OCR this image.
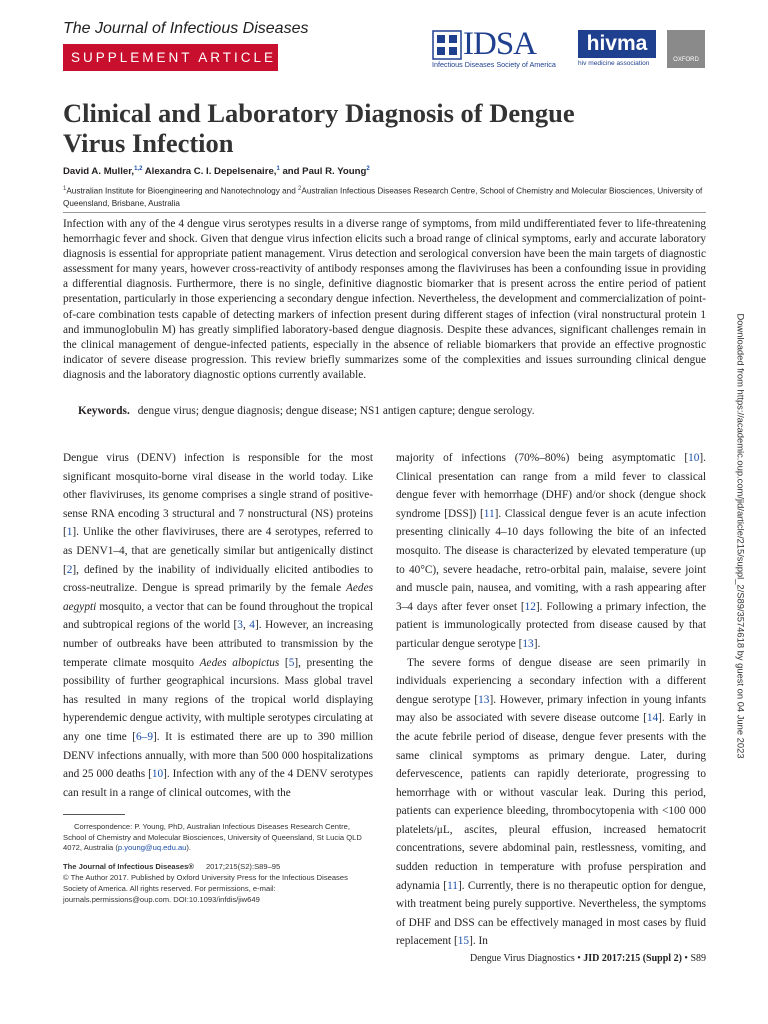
The Journal of Infectious Diseases
SUPPLEMENT ARTICLE	IDSA
Infectious Diseases Society of America
hivma
hiv medicine association	OXFORD
Clinical and Laboratory Diagnosis of Dengue Virus Infection
David A. Muller,$^{1,2}$ Alexandra C. I. Depelsenaire,$^1$ and Paul R. Young$^2$
$^1$Australian Institute for Bioengineering and Nanotechnology and $^2$Australian Infectious Diseases Research Centre, School of Chemistry and Molecular Biosciences, University of Queensland, Brisbane, Australia

Infection with any of the 4 dengue virus serotypes results in a diverse range of symptoms, from mild undifferentiated fever to life-threatening hemorrhagic fever and shock. Given that dengue virus infection elicits such a broad range of clinical symptoms, early and accurate laboratory diagnosis is essential for appropriate patient management. Virus detection and serological conversion have been the main targets of diagnostic assessment for many years, however cross-reactivity of antibody responses among the flaviviruses has been a confounding issue in providing a differential diagnosis. Furthermore, there is no single, definitive diagnostic biomarker that is present across the entire period of patient presentation, particularly in those experiencing a secondary dengue infection. Nevertheless, the development and commercialization of point-of-care combination tests capable of detecting markers of infection present during different stages of infection (viral nonstructural protein 1 and immunoglobulin M) has greatly simplified laboratory-based dengue diagnosis. Despite these advances, significant challenges remain in the clinical management of dengue-infected patients, especially in the absence of reliable biomarkers that provide an effective prognostic indicator of severe disease progression. This review briefly summarizes some of the complexities and issues surrounding clinical dengue diagnosis and the laboratory diagnostic options currently available.

Keywords. dengue virus; dengue diagnosis; dengue disease; NS1 antigen capture; dengue serology.

Dengue virus (DENV) infection is responsible for the most significant mosquito-borne viral disease in the world today. Like other flaviviruses, its genome comprises a single strand of positive-sense RNA encoding 3 structural and 7 nonstructural (NS) proteins [1]. Unlike the other flaviviruses, there are 4 serotypes, referred to as DENV1–4, that are genetically similar but antigenically distinct [2], defined by the inability of individually elicited antibodies to cross-neutralize. Dengue is spread primarily by the female Aedes aegypti mosquito, a vector that can be found throughout the tropical and subtropical regions of the world [3, 4]. However, an increasing number of outbreaks have been attributed to transmission by the temperate climate mosquito Aedes albopictus [5], presenting the possibility of further geographical incursions. Mass global travel has resulted in many regions of the tropical world displaying hyperendemic dengue activity, with multiple serotypes circulating at any one time [6–9]. It is estimated there are up to 390 million DENV infections annually, with more than 500 000 hospitalizations and 25 000 deaths [10]. Infection with any of the 4 DENV serotypes can result in a range of clinical outcomes, with the

majority of infections (70%–80%) being asymptomatic [10]. Clinical presentation can range from a mild fever to classical dengue fever with hemorrhage (DHF) and/or shock (dengue shock syndrome [DSS]) [11]. Classical dengue fever is an acute infection presenting clinically 4–10 days following the bite of an infected mosquito. The disease is characterized by elevated temperature (up to 40°C), severe headache, retro-orbital pain, malaise, severe joint and muscle pain, nausea, and vomiting, with a rash appearing after 3–4 days after fever onset [12]. Following a primary infection, the patient is immunologically protected from disease caused by that particular dengue serotype [13].

The severe forms of dengue disease are seen primarily in individuals experiencing a secondary infection with a different dengue serotype [13]. However, primary infection in young infants may also be associated with severe disease outcome [14]. Early in the acute febrile period of disease, dengue fever presents with the same clinical symptoms as primary dengue. Later, during defervescence, patients can rapidly deteriorate, progressing to hemorrhage with or without vascular leak. During this period, patients can experience bleeding, thrombocytopenia with <100 000 platelets/μL, ascites, pleural effusion, increased hematocrit concentrations, severe abdominal pain, restlessness, vomiting, and sudden reduction in temperature with profuse perspiration and adynamia [11]. Currently, there is no therapeutic option for dengue, with treatment being purely supportive. Nevertheless, the symptoms of DHF and DSS can be effectively managed in most cases by fluid replacement [15]. In

Correspondence: P. Young, PhD, Australian Infectious Diseases Research Centre, School of Chemistry and Molecular Biosciences, University of Queensland, St Lucia QLD 4072, Australia (p.young@uq.edu.au).

The Journal of Infectious Diseases® 2017;215(S2):S89–95

© The Author 2017. Published by Oxford University Press for the Infectious Diseases Society of America. All rights reserved. For permissions, e-mail: journals.permissions@oup.com. DOI:10.1093/infdis/jiw649

Downloaded from https://academic.oup.com/jid/article/215/suppl_2/S89/3574618 by guest on 04 June 2023
Dengue Virus Diagnostics • JID 2017:215 (Suppl 2) • S89
